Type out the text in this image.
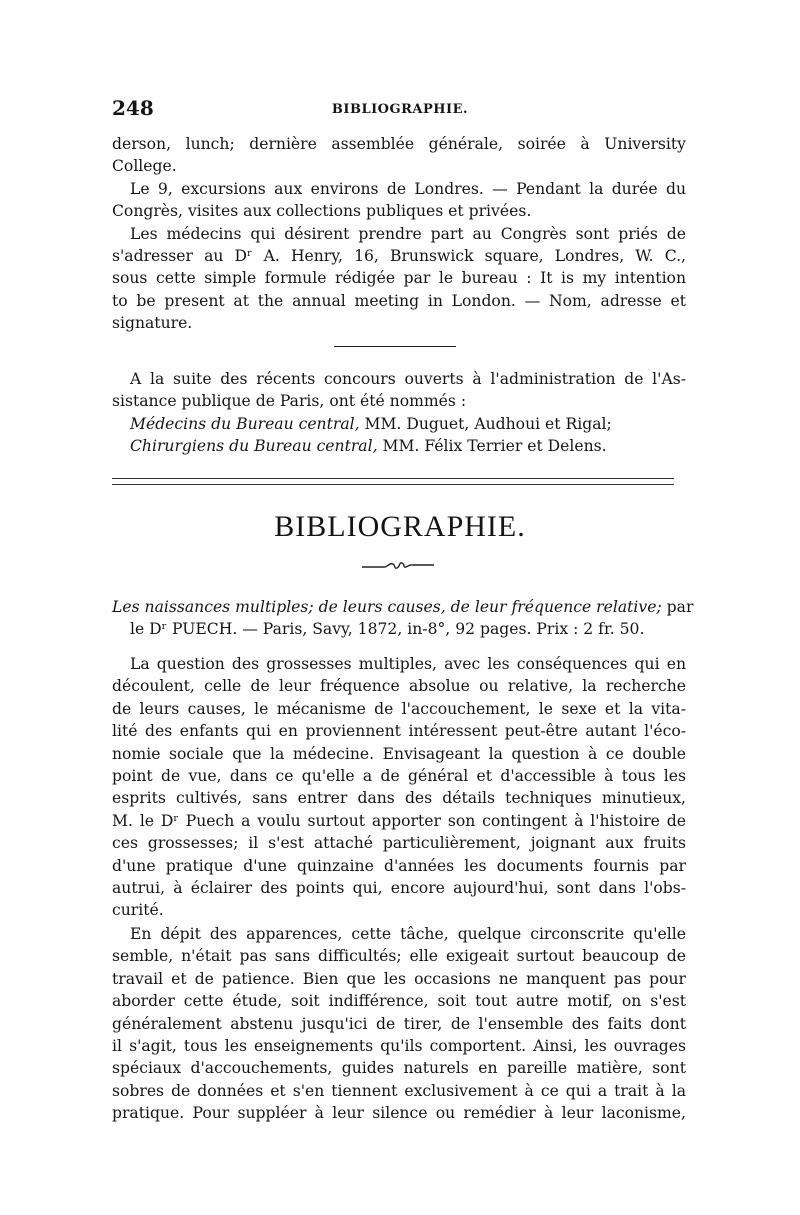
248	BIBLIOGRAPHIE.
derson, lunch; dernière assemblée générale, soirée à University
College.
Le 9, excursions aux environs de Londres. — Pendant la durée du
Congrès, visites aux collections publiques et privées.
Les médecins qui désirent prendre part au Congrès sont priés de
s'adresser au Dʳ A. Henry, 16, Brunswick square, Londres, W. C.,
sous cette simple formule rédigée par le bureau : It is my intention
to be present at the annual meeting in London. — Nom, adresse et
signature.
A la suite des récents concours ouverts à l'administration de l'As-
sistance publique de Paris, ont été nommés :
Médecins du Bureau central, MM. Duguet, Audhoui et Rigal;
Chirurgiens du Bureau central, MM. Félix Terrier et Delens.
BIBLIOGRAPHIE.
Les naissances multiples; de leurs causes, de leur fréquence relative; par
le Dʳ PUECH. — Paris, Savy, 1872, in-8°, 92 pages. Prix : 2 fr. 50.
La question des grossesses multiples, avec les conséquences qui en
découlent, celle de leur fréquence absolue ou relative, la recherche
de leurs causes, le mécanisme de l'accouchement, le sexe et la vita-
lité des enfants qui en proviennent intéressent peut-être autant l'éco-
nomie sociale que la médecine. Envisageant la question à ce double
point de vue, dans ce qu'elle a de général et d'accessible à tous les
esprits cultivés, sans entrer dans des détails techniques minutieux,
M. le Dʳ Puech a voulu surtout apporter son contingent à l'histoire de
ces grossesses; il s'est attaché particulièrement, joignant aux fruits
d'une pratique d'une quinzaine d'années les documents fournis par
autrui, à éclairer des points qui, encore aujourd'hui, sont dans l'obs-
curité.
En dépit des apparences, cette tâche, quelque circonscrite qu'elle
semble, n'était pas sans difficultés; elle exigeait surtout beaucoup de
travail et de patience. Bien que les occasions ne manquent pas pour
aborder cette étude, soit indifférence, soit tout autre motif, on s'est
généralement abstenu jusqu'ici de tirer, de l'ensemble des faits dont
il s'agit, tous les enseignements qu'ils comportent. Ainsi, les ouvrages
spéciaux d'accouchements, guides naturels en pareille matière, sont
sobres de données et s'en tiennent exclusivement à ce qui a trait à la
pratique. Pour suppléer à leur silence ou remédier à leur laconisme,
